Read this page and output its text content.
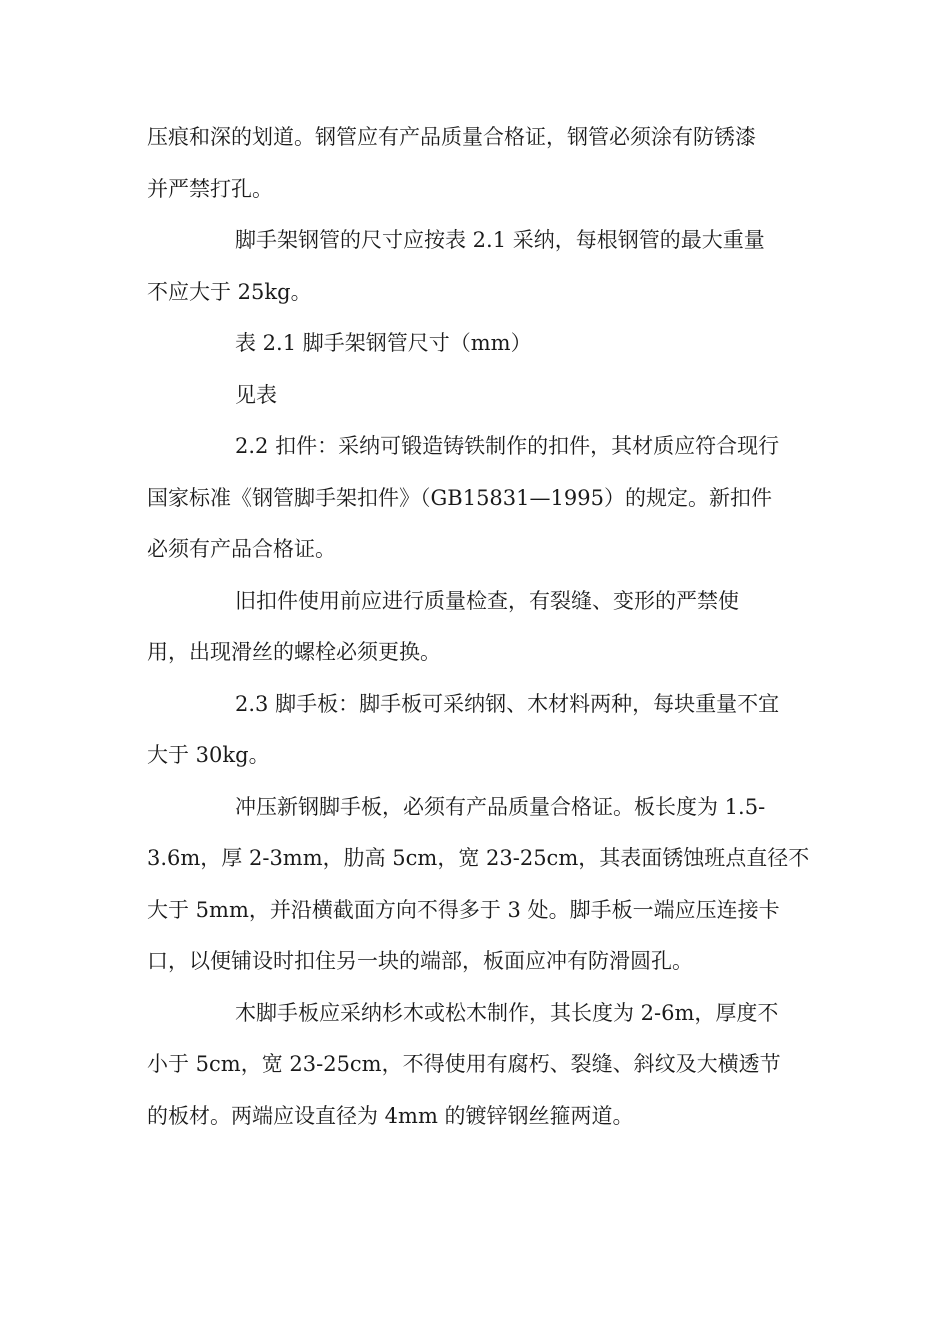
压痕和深的划道。钢管应有产品质量合格证，钢管必须涂有防锈漆
并严禁打孔。
脚手架钢管的尺寸应按表 2.1 采纳，每根钢管的最大重量
不应大于 25kg。
表 2.1 脚手架钢管尺寸（mm）
见表
2.2 扣件：采纳可锻造铸铁制作的扣件，其材质应符合现行
国家标准《钢管脚手架扣件》（GB15831—1995）的规定。新扣件
必须有产品合格证。
旧扣件使用前应进行质量检查，有裂缝、变形的严禁使
用，出现滑丝的螺栓必须更换。
2.3 脚手板：脚手板可采纳钢、木材料两种，每块重量不宜
大于 30kg。
冲压新钢脚手板，必须有产品质量合格证。板长度为 1.5-
3.6m，厚 2-3mm，肋高 5cm，宽 23-25cm，其表面锈蚀班点直径不
大于 5mm，并沿横截面方向不得多于 3 处。脚手板一端应压连接卡
口，以便铺设时扣住另一块的端部，板面应冲有防滑圆孔。
木脚手板应采纳杉木或松木制作，其长度为 2-6m，厚度不
小于 5cm，宽 23-25cm，不得使用有腐朽、裂缝、斜纹及大横透节
的板材。两端应设直径为 4mm 的镀锌钢丝箍两道。
